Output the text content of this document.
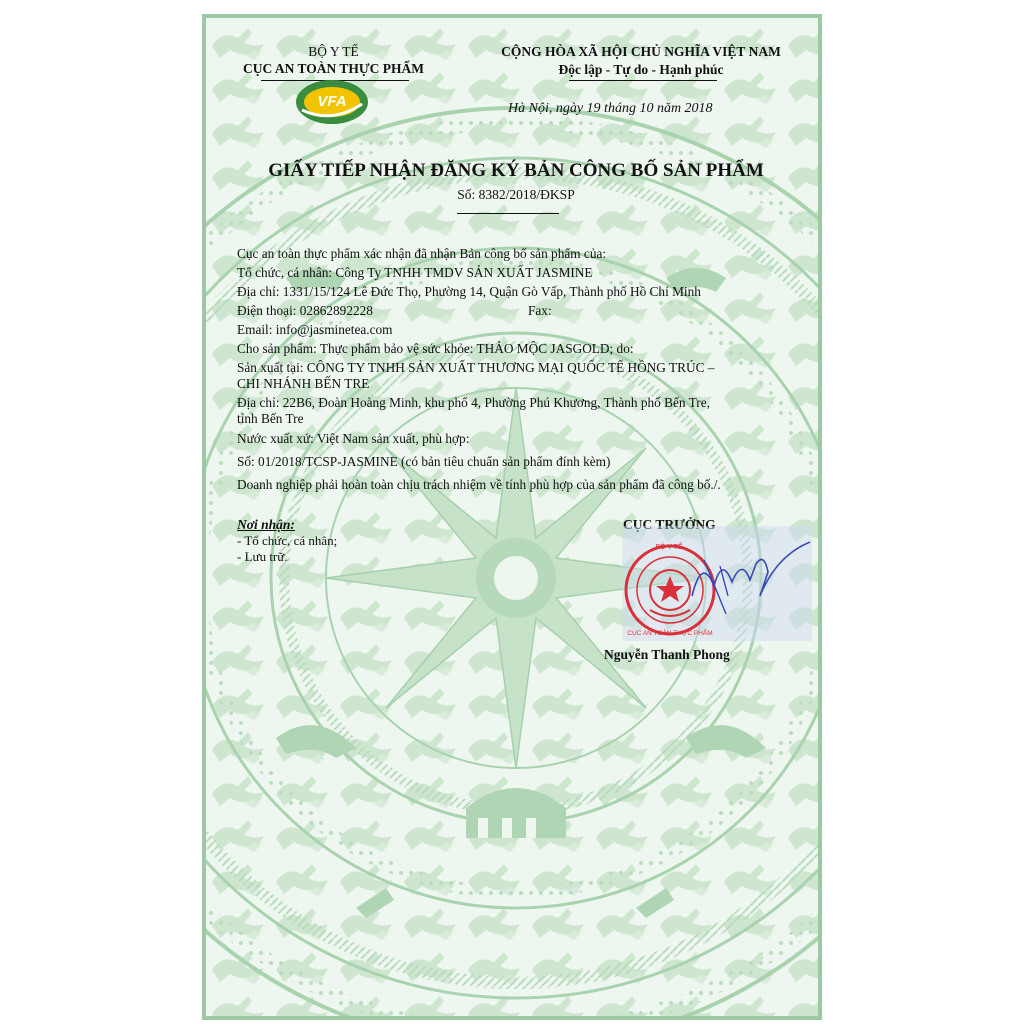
BỘ Y TẾ
CỤC AN TOÀN THỰC PHẨM
VFA
CỘNG HÒA XÃ HỘI CHỦ NGHĨA VIỆT NAM
Độc lập - Tự do - Hạnh phúc
Hà Nội, ngày 19 tháng 10 năm 2018
GIẤY TIẾP NHẬN ĐĂNG KÝ BẢN CÔNG BỐ SẢN PHẨM
Số: 8382/2018/ĐKSP
Cục an toàn thực phẩm xác nhận đã nhận Bản công bố sản phẩm của:
Tổ chức, cá nhân: Công Ty TNHH TMDV SẢN XUẤT JASMINE
Địa chỉ: 1331/15/124 Lê Đức Thọ, Phường 14, Quận Gò Vấp, Thành phố Hồ Chí Minh
Điện thoại: 02862892228	Fax:
Email: info@jasminetea.com
Cho sản phẩm: Thực phẩm bảo vệ sức khỏe: THẢO MỘC JASGOLD; do:
Sản xuất tại: CÔNG TY TNHH SẢN XUẤT THƯƠNG MẠI QUỐC TẾ HỒNG TRÚC –
CHI NHÁNH BẾN TRE
Địa chỉ: 22B6, Đoàn Hoàng Minh, khu phố 4, Phường Phú Khương, Thành phố Bến Tre,
tỉnh Bến Tre
Nước xuất xứ: Việt Nam sản xuất, phù hợp:
Số: 01/2018/TCSP-JASMINE (có bản tiêu chuẩn sản phẩm đính kèm)
Doanh nghiệp phải hoàn toàn chịu trách nhiệm về tính phù hợp của sản phẩm đã công bố./.
Nơi nhận:
- Tổ chức, cá nhân;
- Lưu trữ.
CỤC TRƯỞNG
BỘ Y TẾ
CỤC AN TOÀN THỰC PHẨM
Nguyễn Thanh Phong
